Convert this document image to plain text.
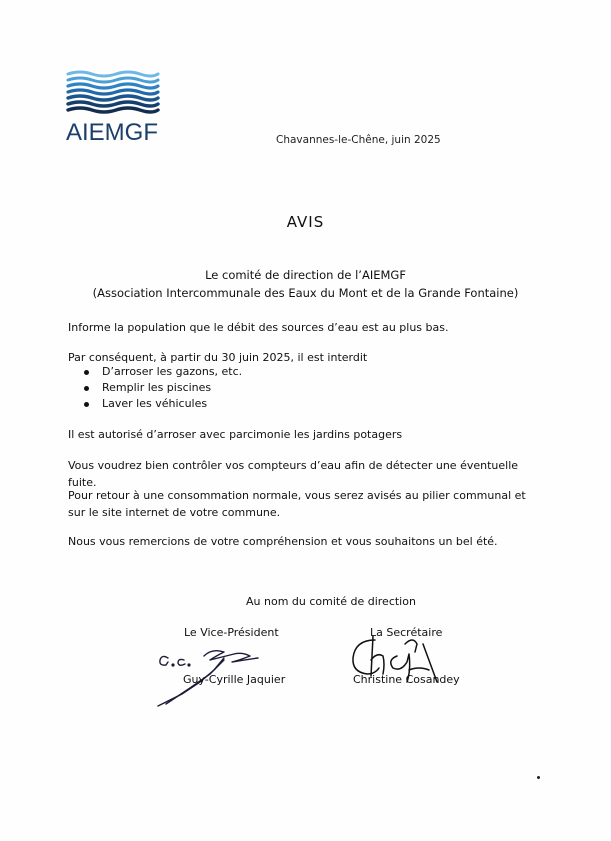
AIEMGF	Chavannes-le-Chêne, juin 2025
AVIS
Le comité de direction de l’AIEMGF
(Association Intercommunale des Eaux du Mont et de la Grande Fontaine)
Informe la population que le débit des sources d’eau est au plus bas.
Par conséquent, à partir du 30 juin 2025, il est interdit
D’arroser les gazons, etc.
Remplir les piscines
Laver les véhicules
Il est autorisé d’arroser avec parcimonie les jardins potagers
Vous voudrez bien contrôler vos compteurs d’eau afin de détecter une éventuelle fuite.
Pour retour à une consommation normale, vous serez avisés au pilier communal et sur le site internet de votre commune.
Nous vous remercions de votre compréhension et vous souhaitons un bel été.
Au nom du comité de direction
Le Vice-Président	La Secrétaire
Guy-Cyrille Jaquier	Christine Cosandey
